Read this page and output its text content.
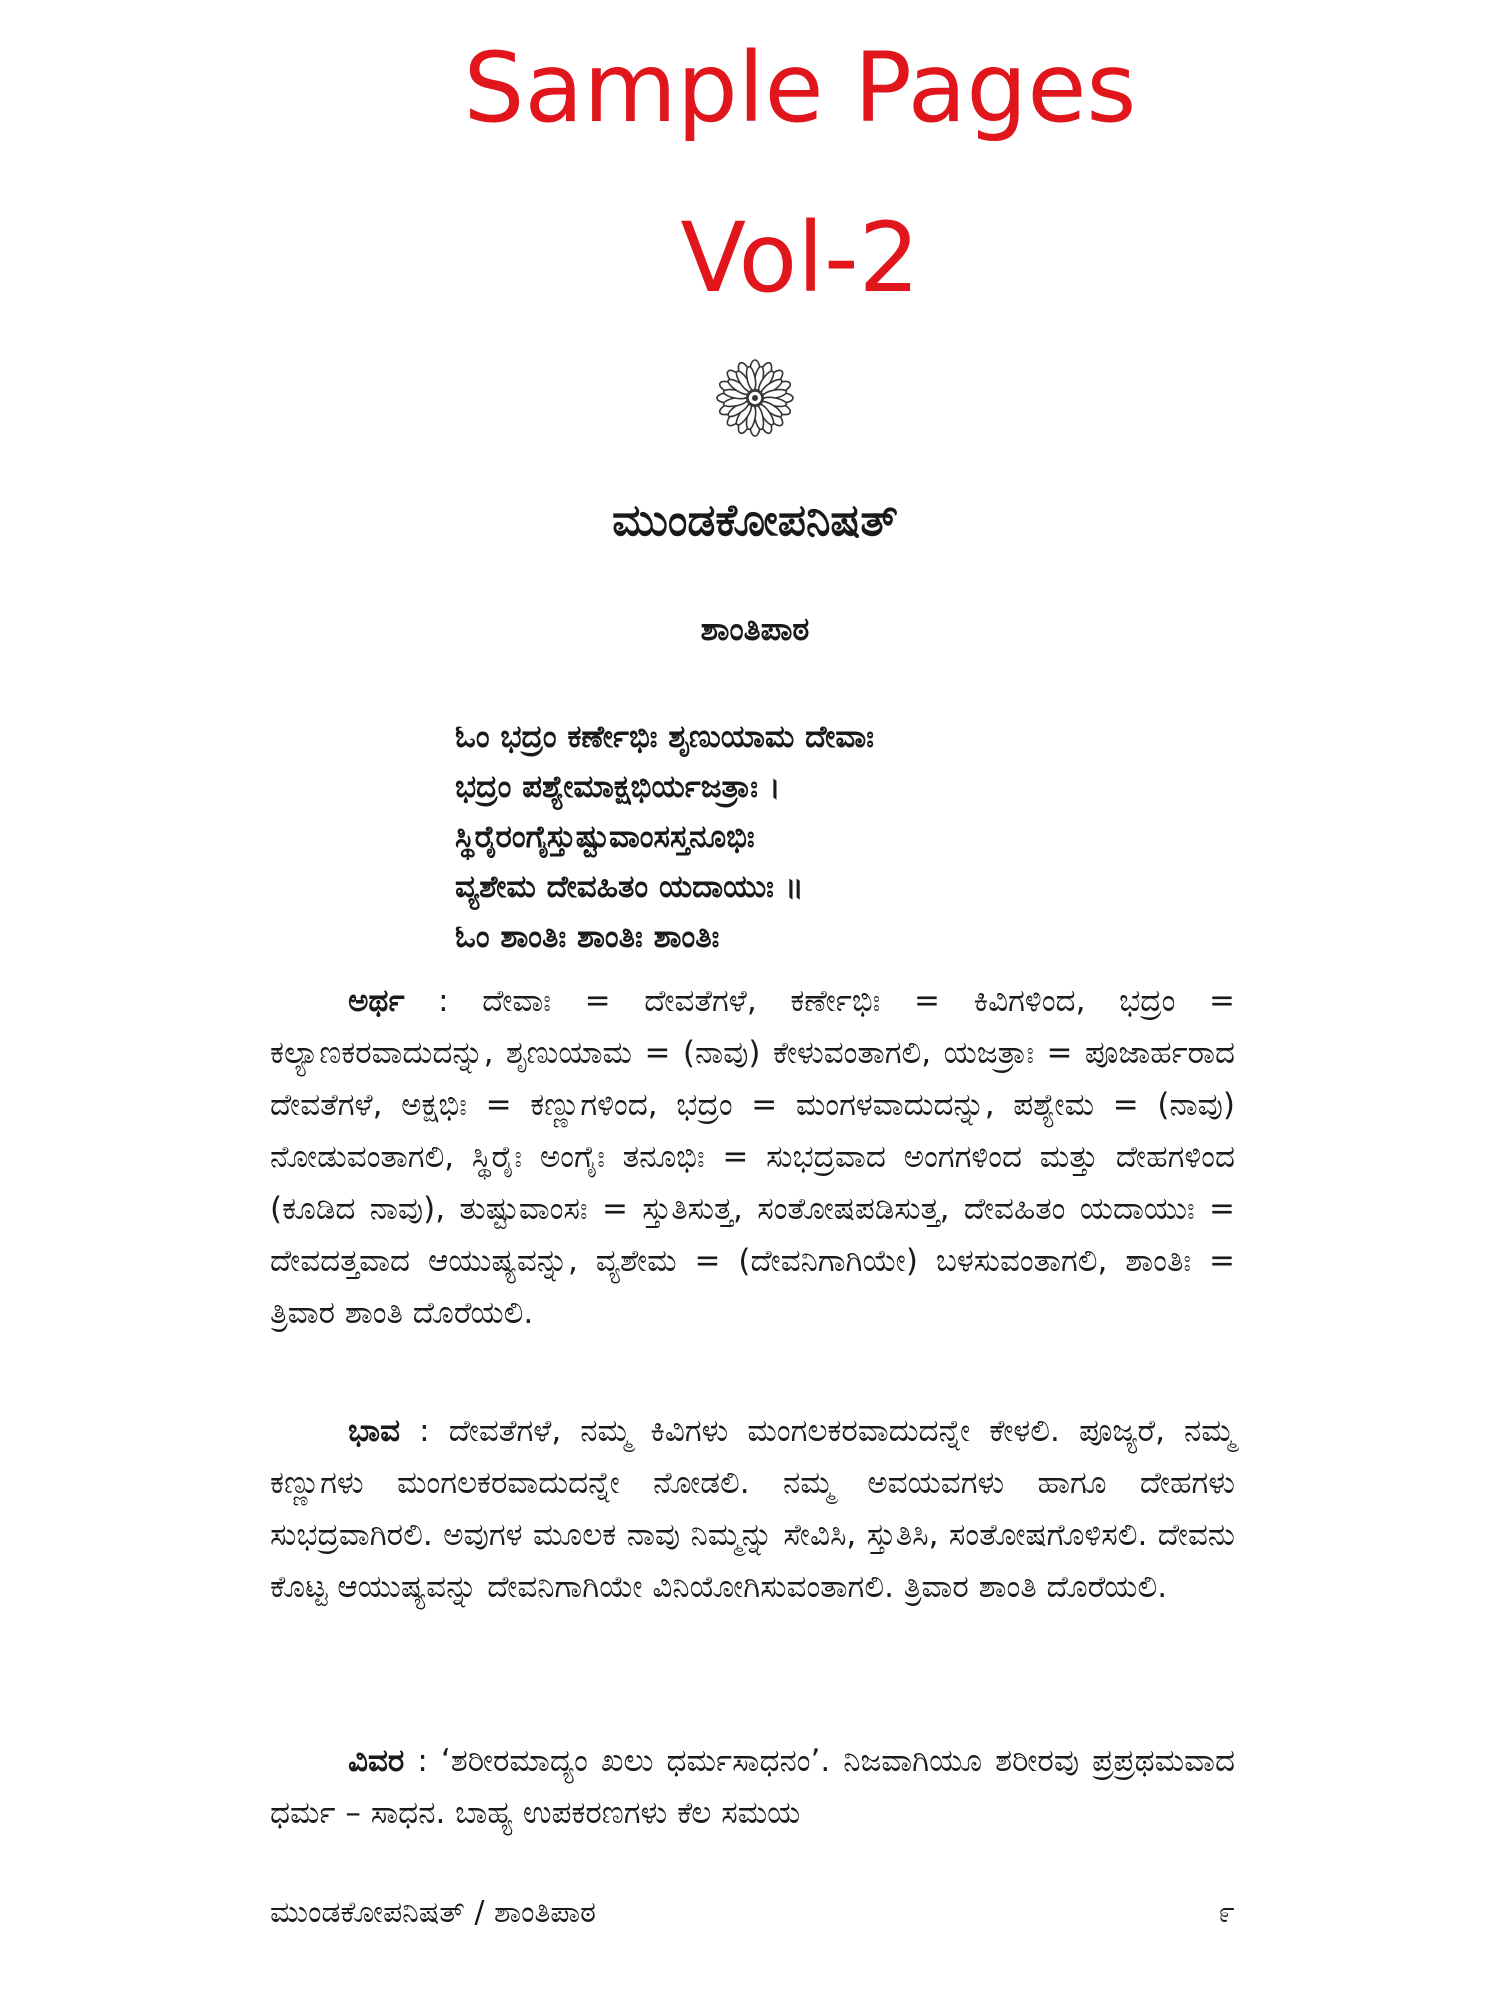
Sample Pages
Vol-2
ಮುಂಡಕೋಪನಿಷತ್
ಶಾಂತಿಪಾಠ
ಓಂ ಭದ್ರಂ ಕರ್ಣೇಭಿಃ ಶೃಣುಯಾಮ ದೇವಾಃ
ಭದ್ರಂ ಪಶ್ಯೇಮಾಕ್ಷಭಿರ್ಯಜತ್ರಾಃ ।
ಸ್ಥಿರೈರಂಗೈಸ್ತುಷ್ಟುವಾಂಸಸ್ತನೂಭಿಃ
ವ್ಯಶೇಮ ದೇವಹಿತಂ ಯದಾಯುಃ ॥
ಓಂ ಶಾಂತಿಃ ಶಾಂತಿಃ ಶಾಂತಿಃ
ಅರ್ಥ : ದೇವಾಃ = ದೇವತೆಗಳೆ, ಕರ್ಣೇಭಿಃ = ಕಿವಿಗಳಿಂದ, ಭದ್ರಂ = ಕಲ್ಯಾಣಕರವಾದುದನ್ನು, ಶೃಣುಯಾಮ = (ನಾವು) ಕೇಳುವಂತಾಗಲಿ, ಯಜತ್ರಾಃ = ಪೂಜಾರ್ಹರಾದ ದೇವತೆಗಳೆ, ಅಕ್ಷಭಿಃ = ಕಣ್ಣುಗಳಿಂದ, ಭದ್ರಂ = ಮಂಗಳವಾದುದನ್ನು, ಪಶ್ಯೇಮ = (ನಾವು) ನೋಡುವಂತಾಗಲಿ, ಸ್ಥಿರೈಃ ಅಂಗೈಃ ತನೂಭಿಃ = ಸುಭದ್ರವಾದ ಅಂಗಗಳಿಂದ ಮತ್ತು ದೇಹಗಳಿಂದ (ಕೂಡಿದ ನಾವು), ತುಷ್ಟುವಾಂಸಃ = ಸ್ತುತಿಸುತ್ತ, ಸಂತೋಷಪಡಿಸುತ್ತ, ದೇವಹಿತಂ ಯದಾಯುಃ = ದೇವದತ್ತವಾದ ಆಯುಷ್ಯವನ್ನು, ವ್ಯಶೇಮ = (ದೇವನಿಗಾಗಿಯೇ) ಬಳಸುವಂತಾಗಲಿ, ಶಾಂತಿಃ = ತ್ರಿವಾರ ಶಾಂತಿ ದೊರೆಯಲಿ.
ಭಾವ : ದೇವತೆಗಳೆ, ನಮ್ಮ ಕಿವಿಗಳು ಮಂಗಲಕರವಾದುದನ್ನೇ ಕೇಳಲಿ. ಪೂಜ್ಯರೆ, ನಮ್ಮ ಕಣ್ಣುಗಳು ಮಂಗಲಕರವಾದುದನ್ನೇ ನೋಡಲಿ. ನಮ್ಮ ಅವಯವಗಳು ಹಾಗೂ ದೇಹಗಳು ಸುಭದ್ರವಾಗಿರಲಿ. ಅವುಗಳ ಮೂಲಕ ನಾವು ನಿಮ್ಮನ್ನು ಸೇವಿಸಿ, ಸ್ತುತಿಸಿ, ಸಂತೋಷಗೊಳಿಸಲಿ. ದೇವನು ಕೊಟ್ಟ ಆಯುಷ್ಯವನ್ನು ದೇವನಿಗಾಗಿಯೇ ವಿನಿಯೋಗಿಸುವಂತಾಗಲಿ. ತ್ರಿವಾರ ಶಾಂತಿ ದೊರೆಯಲಿ.
ವಿವರ : ‘ಶರೀರಮಾದ್ಯಂ ಖಲು ಧರ್ಮಸಾಧನಂ’. ನಿಜವಾಗಿಯೂ ಶರೀರವು ಪ್ರಪ್ರಥಮವಾದ ಧರ್ಮ – ಸಾಧನ. ಬಾಹ್ಯ ಉಪಕರಣಗಳು ಕೆಲ ಸಮಯ
ಮುಂಡಕೋಪನಿಷತ್ / ಶಾಂತಿಪಾಠ	೯
